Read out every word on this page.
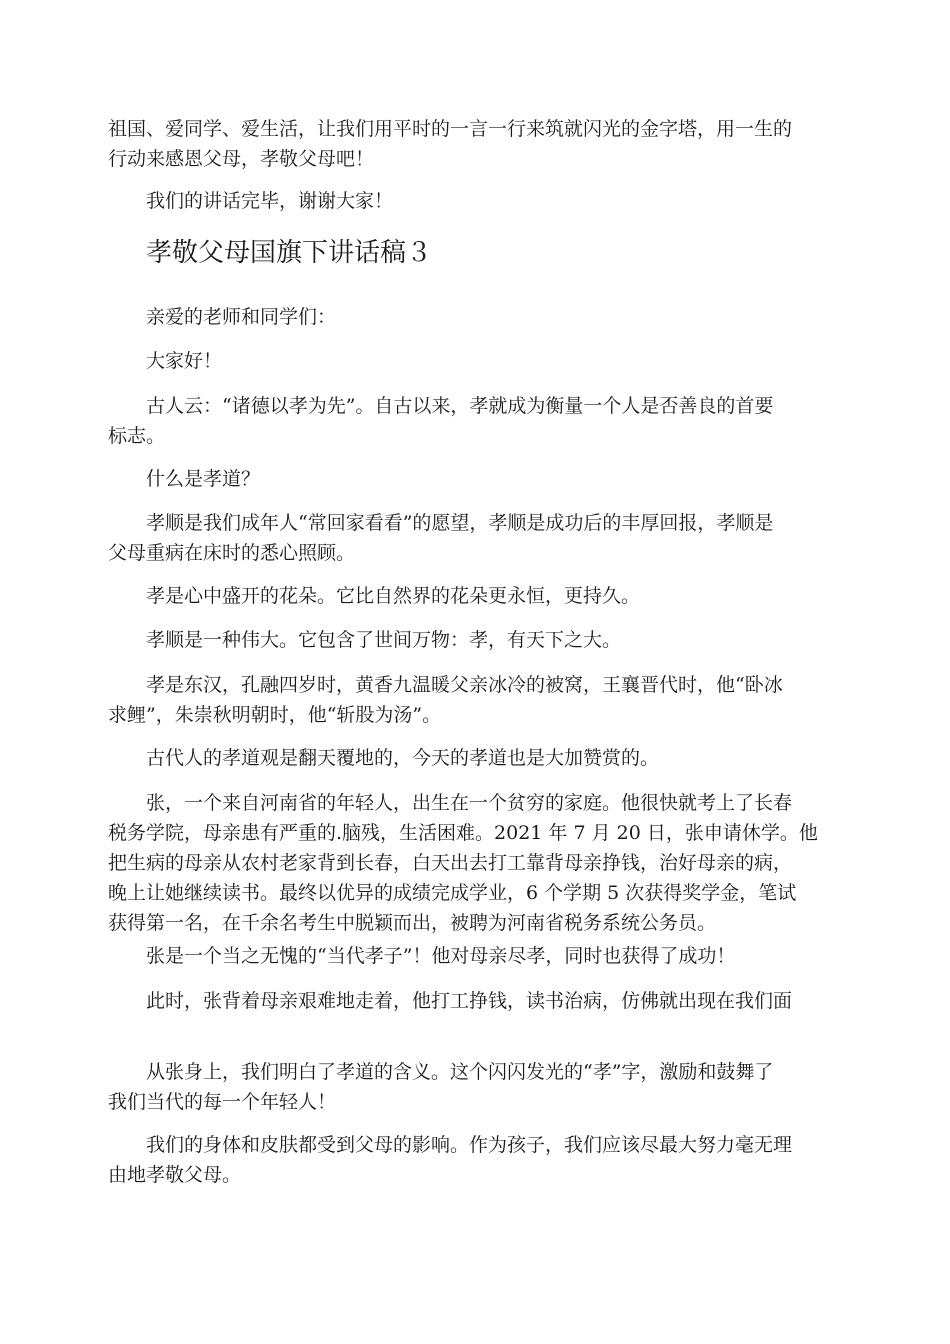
祖国、爱同学、爱生活，让我们用平时的一言一行来筑就闪光的金字塔，用一生的
行动来感恩父母，孝敬父母吧！

我们的讲话完毕，谢谢大家！

孝敬父母国旗下讲话稿３

亲爱的老师和同学们：

大家好！

古人云：“诸德以孝为先”。自古以来，孝就成为衡量一个人是否善良的首要
标志。

什么是孝道？

孝顺是我们成年人“常回家看看”的愿望，孝顺是成功后的丰厚回报，孝顺是
父母重病在床时的悉心照顾。

孝是心中盛开的花朵。它比自然界的花朵更永恒，更持久。

孝顺是一种伟大。它包含了世间万物：孝，有天下之大。

孝是东汉，孔融四岁时，黄香九温暖父亲冰冷的被窝，王襄晋代时，他“卧冰
求鲤”，朱崇秋明朝时，他“斩股为汤”。

古代人的孝道观是翻天覆地的，今天的孝道也是大加赞赏的。

张，一个来自河南省的年轻人，出生在一个贫穷的家庭。他很快就考上了长春
税务学院，母亲患有严重的.脑残，生活困难。2021 年 7 月 20 日，张申请休学。他
把生病的母亲从农村老家背到长春，白天出去打工靠背母亲挣钱，治好母亲的病，
晚上让她继续读书。最终以优异的成绩完成学业，6 个学期 5 次获得奖学金，笔试
获得第一名，在千余名考生中脱颖而出，被聘为河南省税务系统公务员。

张是一个当之无愧的“当代孝子”！他对母亲尽孝，同时也获得了成功！

此时，张背着母亲艰难地走着，他打工挣钱，读书治病，仿佛就出现在我们面

从张身上，我们明白了孝道的含义。这个闪闪发光的“孝”字，激励和鼓舞了
我们当代的每一个年轻人！

我们的身体和皮肤都受到父母的影响。作为孩子，我们应该尽最大努力毫无理
由地孝敬父母。
